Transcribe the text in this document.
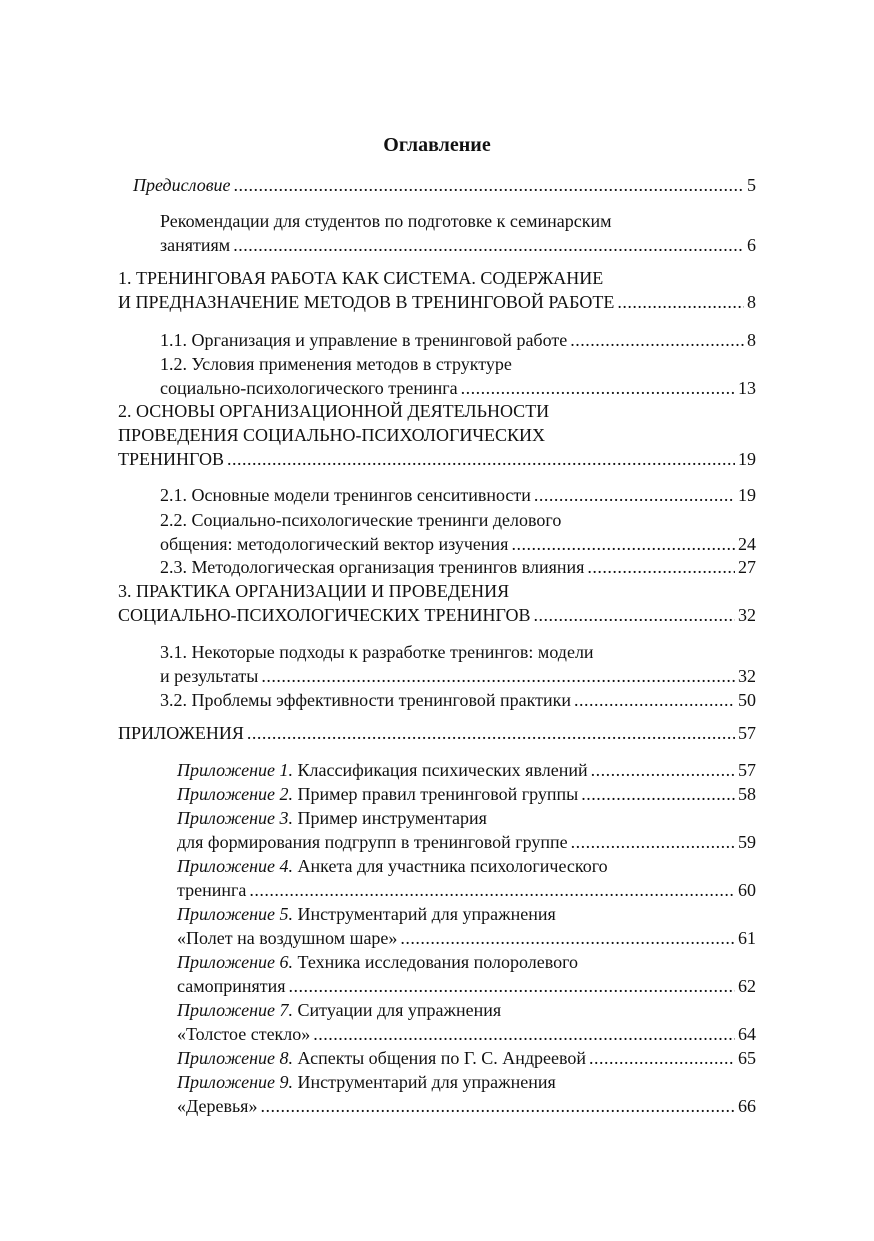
Оглавление
Предисловие .....	5
Рекомендации для студентов по подготовке к семинарским
занятиям .....	6
1. ТРЕНИНГОВАЯ РАБОТА КАК СИСТЕМА. СОДЕРЖАНИЕ
И ПРЕДНАЗНАЧЕНИЕ МЕТОДОВ В ТРЕНИНГОВОЙ РАБОТЕ .....	8
1.1. Организация и управление в тренинговой работе .....	8
1.2. Условия применения методов в структуре
социально-психологического тренинга .....	13
2. ОСНОВЫ ОРГАНИЗАЦИОННОЙ ДЕЯТЕЛЬНОСТИ
ПРОВЕДЕНИЯ СОЦИАЛЬНО-ПСИХОЛОГИЧЕСКИХ
ТРЕНИНГОВ .....	19
2.1. Основные модели тренингов сенситивности .....	19
2.2. Социально-психологические тренинги делового
общения: методологический вектор изучения .....	24
2.3. Методологическая организация тренингов влияния .....	27
3. ПРАКТИКА ОРГАНИЗАЦИИ И ПРОВЕДЕНИЯ
СОЦИАЛЬНО-ПСИХОЛОГИЧЕСКИХ ТРЕНИНГОВ .....	32
3.1. Некоторые подходы к разработке тренингов: модели
и результаты .....	32
3.2. Проблемы эффективности тренинговой практики .....	50
ПРИЛОЖЕНИЯ .....	57
Приложение 1. Классификация психических явлений .....	57
Приложение 2. Пример правил тренинговой группы .....	58
Приложение 3. Пример инструментария
для формирования подгрупп в тренинговой группе .....	59
Приложение 4. Анкета для участника психологического
тренинга .....	60
Приложение 5. Инструментарий для упражнения
«Полет на воздушном шаре» .....	61
Приложение 6. Техника исследования полоролевого
самопринятия .....	62
Приложение 7. Ситуации для упражнения
«Толстое стекло» .....	64
Приложение 8. Аспекты общения по Г. С. Андреевой .....	65
Приложение 9. Инструментарий для упражнения
«Деревья» .....	66
